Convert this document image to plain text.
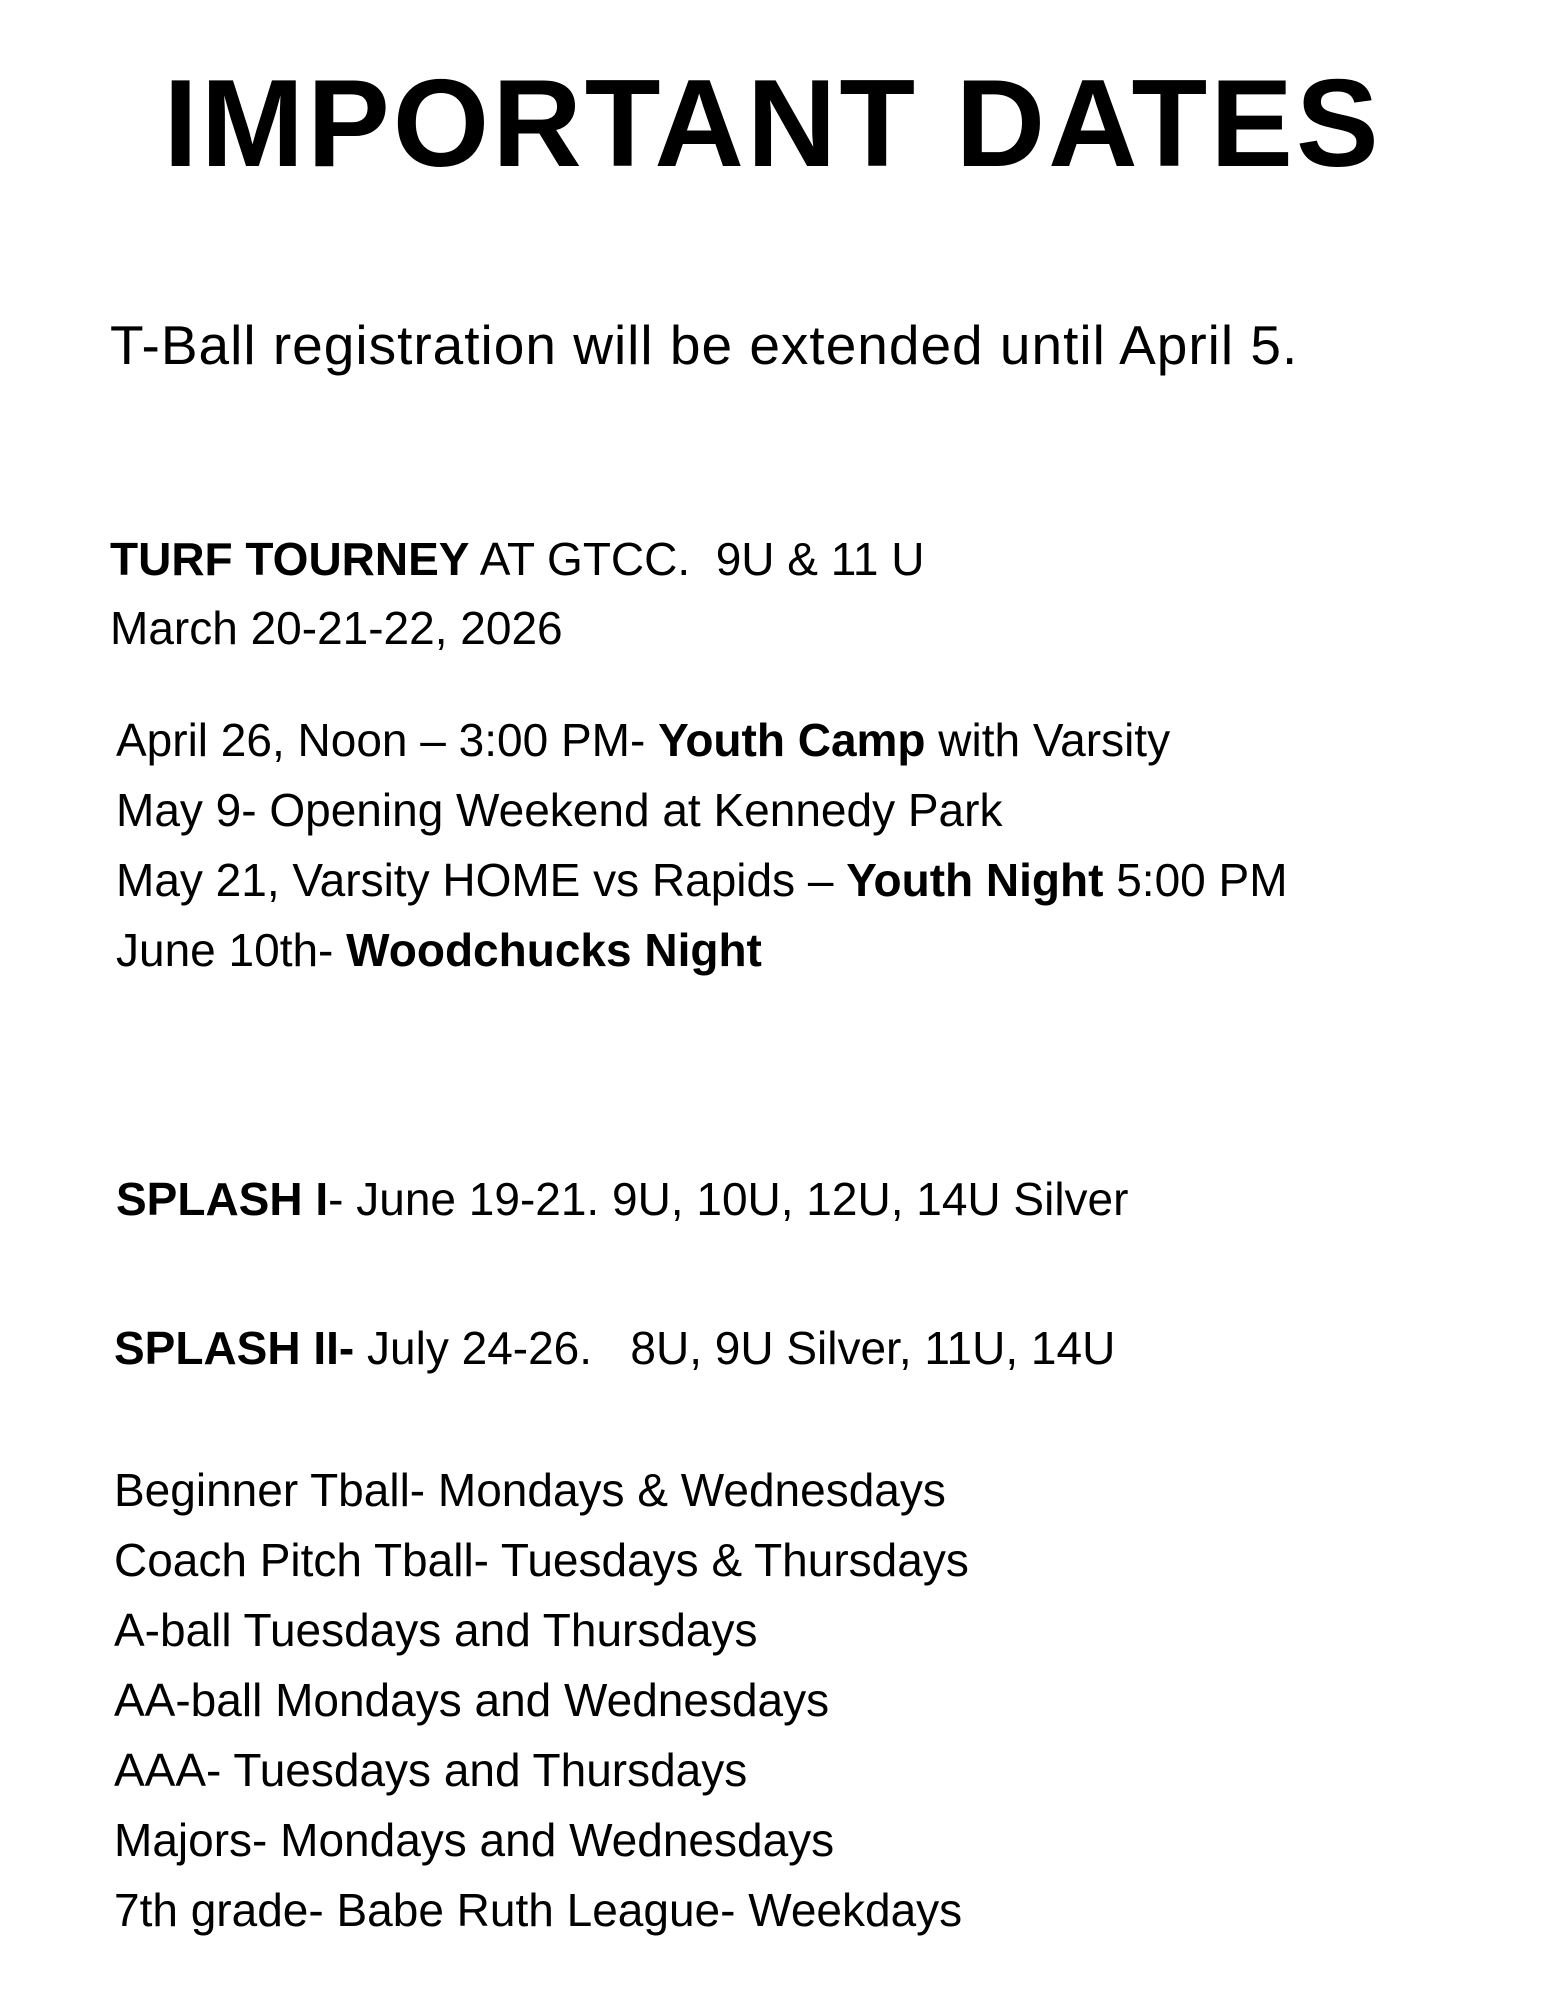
IMPORTANT DATES
T-Ball registration will be extended until April 5.
TURF TOURNEY AT GTCC.  9U & 11 U
March 20-21-22, 2026
April 26, Noon – 3:00 PM- Youth Camp with Varsity
May 9- Opening Weekend at Kennedy Park
May 21, Varsity HOME vs Rapids – Youth Night 5:00 PM
June 10th- Woodchucks Night
SPLASH I- June 19-21. 9U, 10U, 12U, 14U Silver
SPLASH II- July 24-26.   8U, 9U Silver, 11U, 14U
Beginner Tball- Mondays & Wednesdays
Coach Pitch Tball- Tuesdays & Thursdays
A-ball Tuesdays and Thursdays
AA-ball Mondays and Wednesdays
AAA- Tuesdays and Thursdays
Majors- Mondays and Wednesdays
7th grade- Babe Ruth League- Weekdays
